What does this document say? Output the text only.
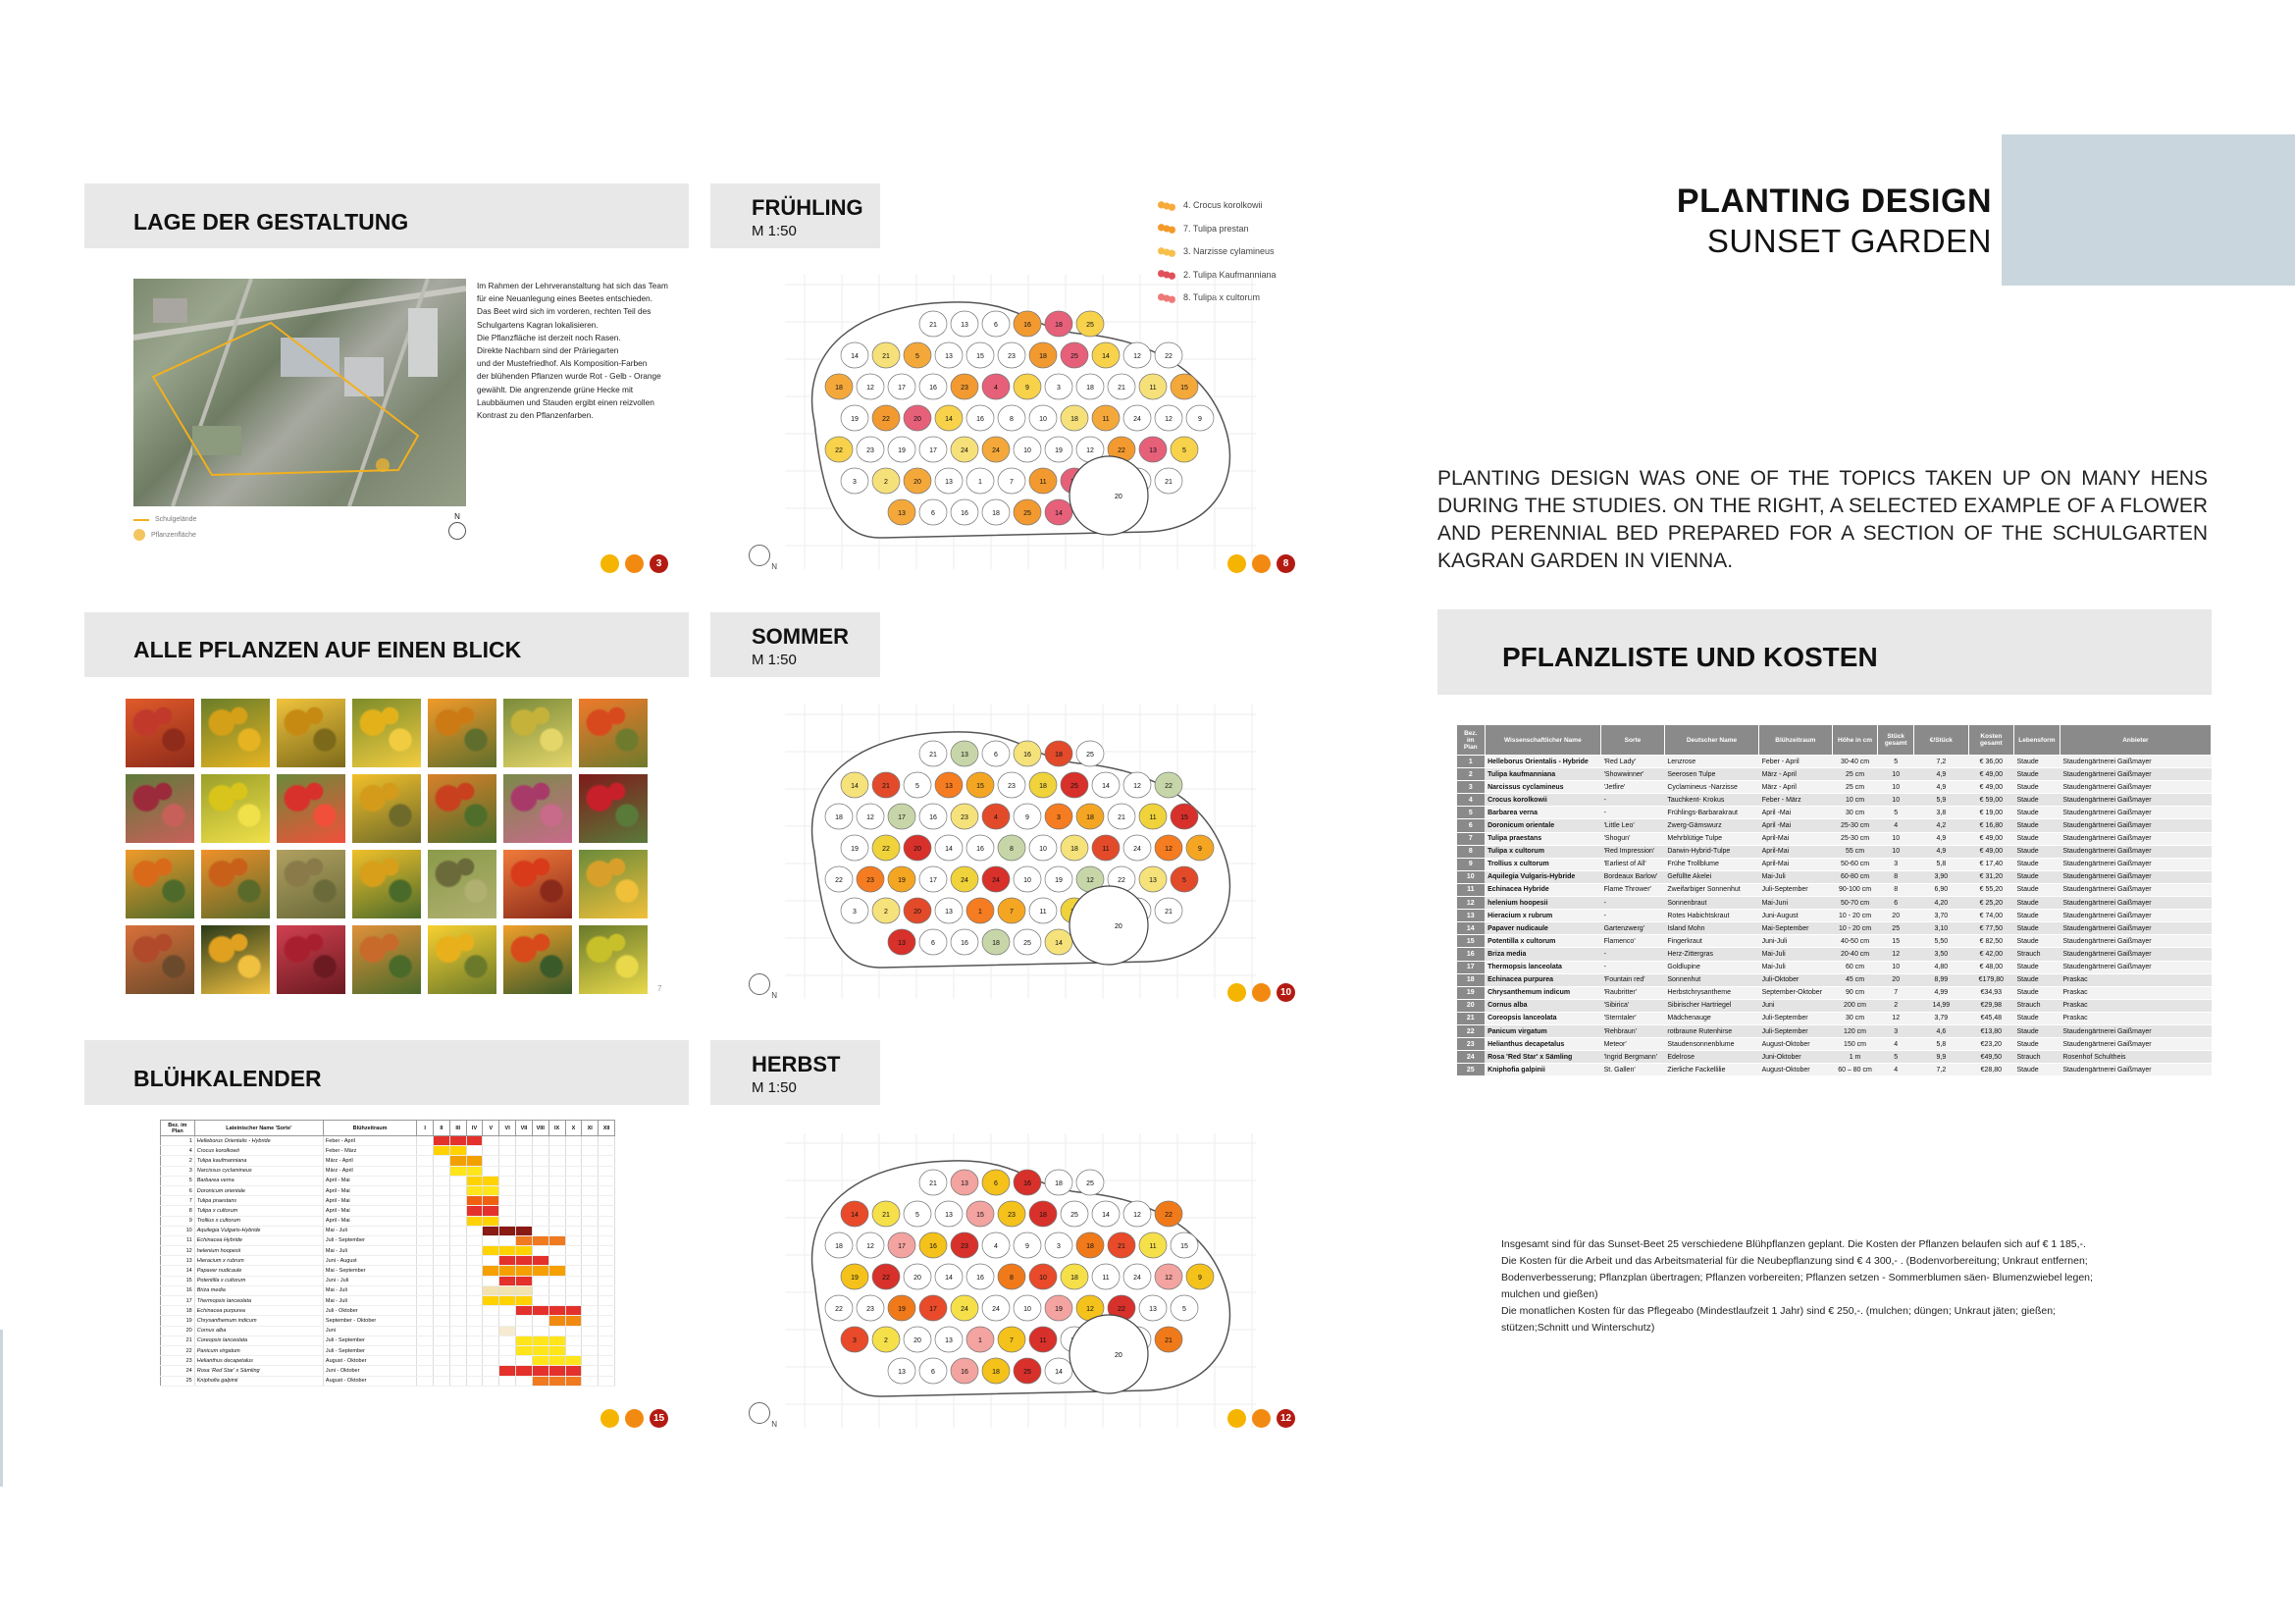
PLANTING DESIGN
SUNSET GARDEN
PLANTING DESIGN WAS ONE OF THE TOPICS TAKEN UP ON MANY HENS DURING THE STUDIES. ON THE RIGHT, A SELECTED EXAMPLE OF A FLOWER AND PERENNIAL BED PREPARED FOR A SECTION OF THE SCHULGARTEN KAGRAN GARDEN IN VIENNA.
LAGE DER GESTALTUNG
Im Rahmen der Lehrveranstaltung hat sich das Team
für eine Neuanlegung eines Beetes entschieden.
Das Beet wird sich im vorderen, rechten Teil des
Schulgartens Kagran lokalisieren.
Die Pflanzfläche ist derzeit noch Rasen.
Direkte Nachbarn sind der Präriegarten
und der Mustefriedhof. Als Komposition-Farben
der blühenden Pflanzen wurde Rot - Gelb - Orange
gewählt. Die angrenzende grüne Hecke mit
Laubbäumen und Stauden ergibt einen reizvollen
Kontrast zu den Pflanzenfarben.
Schulgelände
Pflanzenfläche
N
3
ALLE PFLANZEN AUF EINEN BLICK
7
BLÜHKALENDER
Bez. im Plan	Lateinischer Name 'Sorte'	Blühzeitraum	I	II	III	IV	V	VI	VII	VIII	IX	X	XI	XII
1	Helleborus Orientalis - Hybride	Feber - April												
4	Crocus korolkowii	Feber - März												
2	Tulipa kaufmanniana	März - April												
3	Narcissus cyclamineus	März - April												
5	Barbarea verna	April - Mai												
6	Doronicum orientale	April - Mai												
7	Tulipa praestans	April - Mai												
8	Tulipa x cultorum	April - Mai												
9	Trollius x cultorum	April - Mai												
10	Aquilegia Vulgaris-Hybride	Mai - Juli												
11	Echinacea Hybride	Juli - September												
12	helenium hoopesii	Mai - Juli												
13	Hieracium x rubrum	Juni - August												
14	Papaver nudicaule	Mai - September												
15	Potentilla x cultorum	Juni - Juli												
16	Briza media	Mai - Juli												
17	Thermopsis lanceolata	Mai - Juli												
18	Echinacea purpurea	Juli - Oktober												
19	Chrysanthemum indicum	September - Oktober												
20	Cornus alba	Juni												
21	Coreopsis lanceolata	Juli - September												
22	Panicum virgatum	Juli - September												
23	Helianthus decapetalus	August - Oktober												
24	Rosa 'Red Star' x Sämling	Juni - Oktober												
25	Kniphofia galpinii	August - Oktober												
15
FRÜHLING
M 1:50
SOMMER
M 1:50
HERBST
M 1:50
4. Crocus korolkowii
7. Tulipa prestan
3. Narzisse cylamineus
2. Tulipa Kaufmanniana
8. Tulipa x cultorum
21	13	6	16	18	25
14	21	5	13	15	23	18	25	14	12	22
18	12	17	16	23	4	9	3	18	21	11	15
19	22	20	14	16	8	10	18	11	24	12	9
22	23	19	17	24	24	10	19	12	22	13	5
3	2	20	13	1	7	11	21
13	6	16	18	25	14
20
21	13	6	16	18	25
14	21	5	13	15	23	18	25	14	12	22
18	12	17	16	23	4	9	3	18	21	11	15
19	22	20	14	16	8	10	18	11	24	12	9
22	23	19	17	24	24	10	19	12	22	13	5
3	2	20	13	1	7	11	21
13	6	16	18	25	14
20
21	13	6	16	18	25
14	21	5	13	15	23	18	25	14	12	22
18	12	17	16	23	4	9	3	18	21	11	15
19	22	20	14	16	8	10	18	11	24	12	9
22	23	19	17	24	24	10	19	12	22	13	5
3	2	20	13	1	7	11	21
13	6	16	18	25	14
20
N
N
N
8
10
12
PFLANZLISTE UND KOSTEN
Bez. im Plan	Wissenschaftlicher Name	Sorte	Deutscher Name	Blühzeitraum	Höhe in cm	Stück gesamt	€/Stück	Kosten gesamt	Lebensform	Anbieter
1	Helleborus Orientalis - Hybride	'Red Lady'	Lenzrose	Feber - April	30-40 cm	5	7,2	€ 36,00	Staude	Staudengärtnerei Gaißmayer
2	Tulipa kaufmanniana	'Showwinner'	Seerosen Tulpe	März - April	25 cm	10	4,9	€ 49,00	Staude	Staudengärtnerei Gaißmayer
3	Narcissus cyclamineus	'Jetfire'	Cyclamineus -Narzisse	März - April	25 cm	10	4,9	€ 49,00	Staude	Staudengärtnerei Gaißmayer
4	Crocus korolkowii	-	Tauchkent- Krokus	Feber - März	10 cm	10	5,9	€ 59,00	Staude	Staudengärtnerei Gaißmayer
5	Barbarea verna	-	Frühlings-Barbarakraut	April -Mai	30 cm	5	3,8	€ 19,00	Staude	Staudengärtnerei Gaißmayer
6	Doronicum orientale	'Little Leo'	Zwerg-Gämswurz	April -Mai	25-30 cm	4	4,2	€ 16,80	Staude	Staudengärtnerei Gaißmayer
7	Tulipa praestans	'Shogun'	Mehrblütige Tulpe	April-Mai	25-30 cm	10	4,9	€ 49,00	Staude	Staudengärtnerei Gaißmayer
8	Tulipa x cultorum	'Red Impression'	Darwin-Hybrid-Tulpe	April-Mai	55 cm	10	4,9	€ 49,00	Staude	Staudengärtnerei Gaißmayer
9	Trollius x cultorum	'Earliest of All'	Frühe Trollblume	April-Mai	50-60 cm	3	5,8	€ 17,40	Staude	Staudengärtnerei Gaißmayer
10	Aquilegia Vulgaris-Hybride	Bordeaux Barlow'	Gefüllte Akelei	Mai-Juli	60-80 cm	8	3,90	€ 31,20	Staude	Staudengärtnerei Gaißmayer
11	Echinacea Hybride	Flame Thrower'	Zweifarbiger Sonnenhut	Juli-September	90-100 cm	8	6,90	€ 55,20	Staude	Staudengärtnerei Gaißmayer
12	helenium hoopesii	-	Sonnenbraut	Mai-Juni	50-70 cm	6	4,20	€ 25,20	Staude	Staudengärtnerei Gaißmayer
13	Hieracium x rubrum	-	Rotes Habichtskraut	Juni-August	10 - 20 cm	20	3,70	€ 74,00	Staude	Staudengärtnerei Gaißmayer
14	Papaver nudicaule	Gartenzwerg'	Island Mohn	Mai-September	10 - 20 cm	25	3,10	€ 77,50	Staude	Staudengärtnerei Gaißmayer
15	Potentilla x cultorum	Flamenco'	Fingerkraut	Juni-Juli	40-50 cm	15	5,50	€ 82,50	Staude	Staudengärtnerei Gaißmayer
16	Briza media	-	Herz-Zittergras	Mai-Juli	20-40 cm	12	3,50	€ 42,00	Strauch	Staudengärtnerei Gaißmayer
17	Thermopsis lanceolata	-	Goldlupine	Mai-Juli	60 cm	10	4,80	€ 48,00	Staude	Staudengärtnerei Gaißmayer
18	Echinacea purpurea	'Fountain red'	Sonnenhut	Juli-Oktober	45 cm	20	8,99	€179,80	Staude	Praskac
19	Chrysanthemum indicum	'Raubritter'	Herbstchrysantheme	September-Oktober	90 cm	7	4,99	€34,93	Staude	Praskac
20	Cornus alba	'Sibirica'	Sibirischer Hartriegel	Juni	200 cm	2	14,99	€29,98	Strauch	Praskac
21	Coreopsis lanceolata	'Sterntaler'	Mädchenauge	Juli-September	30 cm	12	3,79	€45,48	Staude	Praskac
22	Panicum virgatum	'Rehbraun'	rotbraune Rutenhirse	Juli-September	120 cm	3	4,6	€13,80	Staude	Staudengärtnerei Gaißmayer
23	Helianthus decapetalus	Meteor'	Staudensonnenblume	August-Oktober	150 cm	4	5,8	€23,20	Staude	Staudengärtnerei Gaißmayer
24	Rosa 'Red Star' x Sämling	'Ingrid Bergmann'	Edelrose	Juni-Oktober	1 m	5	9,9	€49,50	Strauch	Rosenhof Schultheis
25	Kniphofia galpinii	St. Gallen'	Zierliche Fackellilie	August-Oktober	60 – 80 cm	4	7,2	€28,80	Staude	Staudengärtnerei Gaißmayer
Insgesamt sind für das Sunset-Beet 25 verschiedene Blühpflanzen geplant. Die Kosten der Pflanzen belaufen sich auf € 1 185,-.
Die Kosten für die Arbeit und das Arbeitsmaterial für die Neubepflanzung sind € 4 300,- . (Bodenvorbereitung; Unkraut entfernen;
Bodenverbesserung; Pflanzplan übertragen; Pflanzen vorbereiten; Pflanzen setzen - Sommerblumen säen- Blumenzwiebel legen;
mulchen und gießen)
Die monatlichen Kosten für das Pflegeabo (Mindestlaufzeit 1 Jahr) sind € 250,-. (mulchen; düngen; Unkraut jäten; gießen;
stützen;Schnitt und Winterschutz)
